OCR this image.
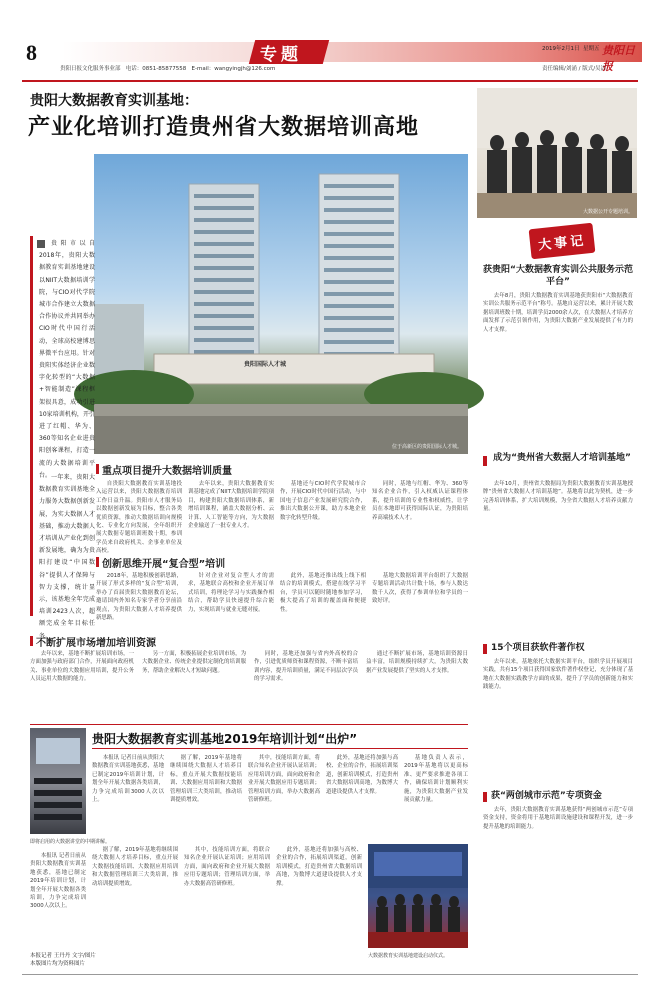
8	专题	2019年2月1日 星期五 贵阳日报
贵阳日报文化服务事业部 电话：0851-85877558 E-mail：wangyingjh@126.com	责任编辑/刘涌 / 版式/吴洁
贵阳大数据教育实训基地：
产业化培训打造贵州省大数据培训高地
贵阳国际人才城
位于高新区的贵阳国际人才城。
大数据公开专题培训。
大事记
贵阳市以自2018年，贵阳大数据教育实训基地建设以NIIT大数据培训学院，与CIO对代学院城市合作建立大数据合作协议并共同举办CIO时代中国行活动，全球高校建博思界微平台应用。针对贵阳实体经济企业数字化转型的“大数据+智能制造”课程框架很具意，成功引进10家培训机构，开引进了红帽、华为、360等知名企业进贵阳创客课程，打造一流的大数据培训平台。 一年来，贵阳大数据教育实训基地全力服务大数据创新发展，为实大数据人才基础，推动大数据人才培训从产业化到创新发展地，确为为贵阳打建设“中国数谷”提供人才保障与智力支撑，统计显示，该基地全年完成培训2423人次，超额完成全年目标任务。
重点项目提升大数据培训质量
自贵阳大数据教育实训基地投入运营以来，贵阳大数据教育培训工作日益升温。贵阳市人才服务局以数据创新发展为目标，整合各类优质资源，推动大数据培训向规模化、专业化方向发展，全年组织开展大数据专题培训班数十期，参训学员来自政府机关、企事业单位及高校。
去年以来，贵阳大数据教育实训基地完成了NIIT大数据培训学院项目，构建贵阳大数据培训体系，新增培训课程，涵盖大数据分析、云计算、人工智能等方向，为大数据企业输送了一批专业人才。
基地还与CIO时代学院城市合作，开展CIO时代中国行活动，与中国电子信息产业发展研究院合作，推出大数据公开课，助力本地企业数字化转型升级。
同时，基地与红帽、华为、360等知名企业合作，引入权威认证课程体系，提升培训的专业性和权威性，让学员在本地即可获得国际认证，为贵阳培养高端技术人才。
创新思维开展“复合型”培训
2018年，基地积极创新思路，开展了形式多样的“复合型”培训，举办了首届贵阳大数据教育论坛，邀请国内外知名专家学者分享前沿观点，为贵阳大数据人才培养提供新思路。
针对企业对复合型人才的需求，基地联合高校和企业开展订单式培训，将理论学习与实践操作相结合，帮助学员快速提升综合能力，实现培训与就业无缝对接。
此外，基地还推出线上线下相结合的培训模式，搭建在线学习平台，学员可以随时随地参加学习，极大提高了培训的覆盖面和便捷性。
基地大数据培训平台组织了大数据专题培训活动共计数十场，参与人数达数千人次，获得了参训单位和学员的一致好评。
不断扩展市场增加培训资源
去年以来，基地不断扩展培训市场，一方面加强与政府部门合作，开展面向政府机关、事业单位的大数据应用培训，提升公务人员运用大数据的能力。
另一方面，积极拓展企业培训市场，为大数据企业、传统企业提供定制化的培训服务，帮助企业解决人才短缺问题。
同时，基地还加强与省内外高校的合作，引进优质师资和课程资源，不断丰富培训内容，提升培训质量，满足不同层次学员的学习需求。
通过不断扩展市场，基地培训资源日益丰富，培训规模持续扩大，为贵阳大数据产业发展提供了坚实的人才支撑。
贵阳大数据教育实训基地2019年培训计划“出炉”
即将启用的大数据讲堂的中期讲解。
本报讯 记者日前从贵阳大数据教育实训基地获悉，基地已制定2019年培训计划，计划全年开展大数据各类培训，力争完成培训3000人次以上。
据了解，2019年基地将继续围绕大数据人才培养目标，重点开展大数据技能培训、大数据应用培训和大数据管理培训三大类培训，推动培训提质增效。
其中，技能培训方面，将联合知名企业开展认证培训；应用培训方面，面向政府和企业开展大数据应用专题培训；管理培训方面，举办大数据高管研修班。
此外，基地还将加强与高校、企业的合作，拓展培训渠道，创新培训模式，打造贵州省大数据培训高地，为数博大道建设提供人才支撑。
基地负责人表示，2019年基地将以更高标准、更严要求推进各项工作，确保培训计划顺利实施，为贵阳大数据产业发展贡献力量。
据了解，2019年基地将继续围绕大数据人才培养目标，重点开展大数据技能培训、大数据应用培训和大数据管理培训三大类培训，推动培训提质增效。
其中，技能培训方面，将联合知名企业开展认证培训；应用培训方面，面向政府和企业开展大数据应用专题培训；管理培训方面，举办大数据高管研修班。
此外，基地还将加强与高校、企业的合作，拓展培训渠道，创新培训模式，打造贵州省大数据培训高地，为数博大道建设提供人才支撑。
本报讯 记者日前从贵阳大数据教育实训基地获悉，基地已制定2019年培训计划，计划全年开展大数据各类培训，力争完成培训3000人次以上。
大数据教育实训基地建设启动仪式。
获贵阳“大数据教育实训公共服务示范平台”
去年8月，贵阳大数据教育实训基地获贵阳市“大数据教育实训公共服务示范平台”称号。基地自运营以来，累计开展大数据培训班数十期，培训学员2000余人次，在大数据人才培养方面发挥了示范引领作用，为贵阳大数据产业发展提供了有力的人才支撑。
成为“贵州省大数据人才培训基地”
去年10月，贵州省大数据局为贵阳大数据教育实训基地授牌“贵州省大数据人才培训基地”。基地将以此为契机，进一步完善培训体系，扩大培训规模，为全省大数据人才培养贡献力量。
15个项目获软件著作权
去年以来，基地依托大数据实训平台，组织学员开展项目实践，共有15个项目获得国家软件著作权登记，充分体现了基地在大数据实践教学方面的成果，提升了学员的创新能力和实践能力。
获“两创城市示范”专项资金
去年，贵阳大数据教育实训基地获得“两创城市示范”专项资金支持，资金将用于基地培训设施建设和课程开发，进一步提升基地的培训能力。
本报记者 王丹丹 文字/图片
本版图片均为资料图片
